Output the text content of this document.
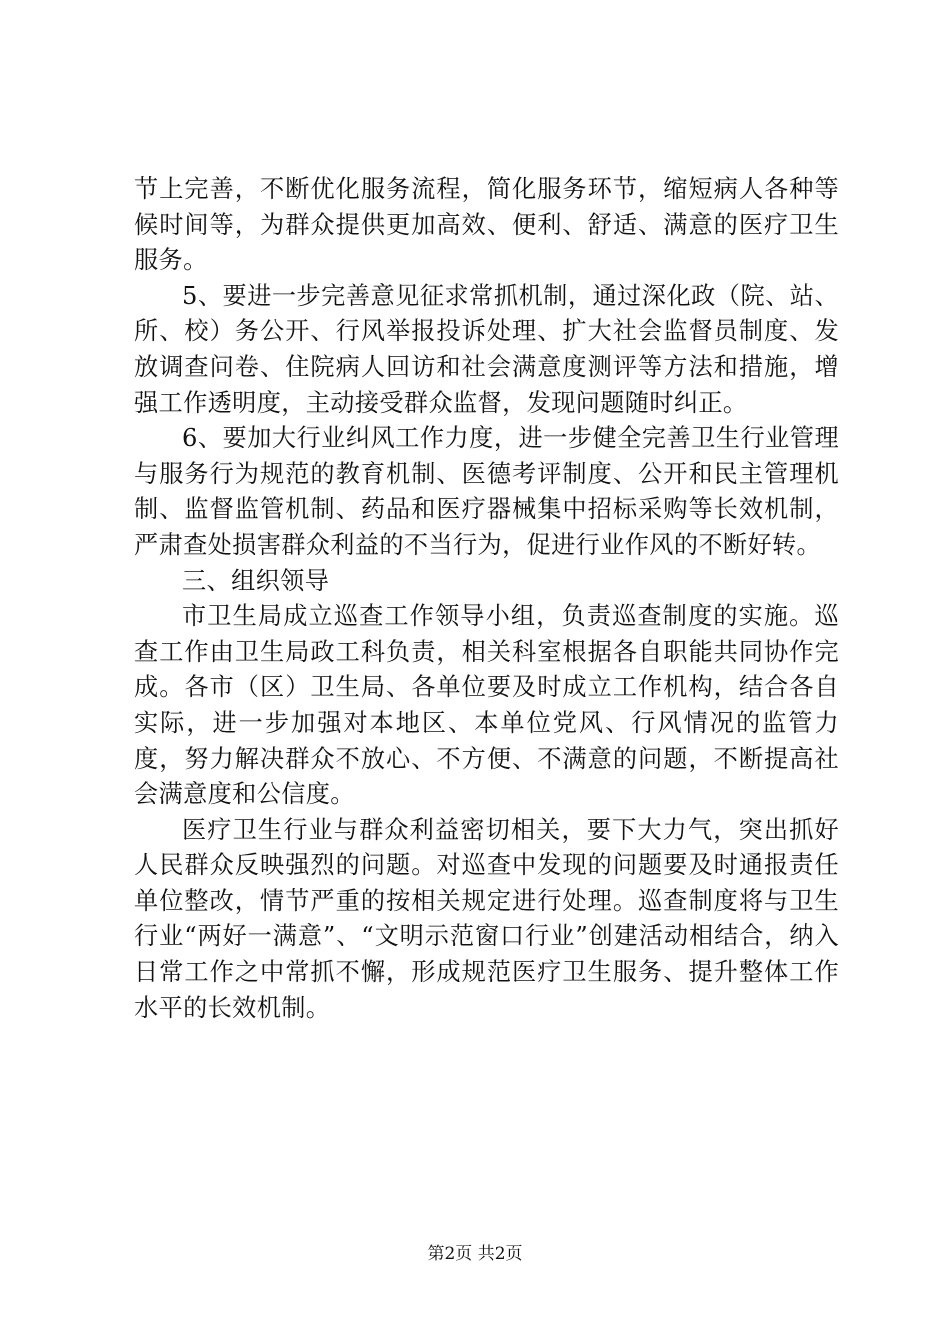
节上完善，不断优化服务流程，简化服务环节，缩短病人各种等候时间等，为群众提供更加高效、便利、舒适、满意的医疗卫生服务。

5、要进一步完善意见征求常抓机制，通过深化政（院、站、所、校）务公开、行风举报投诉处理、扩大社会监督员制度、发放调查问卷、住院病人回访和社会满意度测评等方法和措施，增强工作透明度，主动接受群众监督，发现问题随时纠正。

6、要加大行业纠风工作力度，进一步健全完善卫生行业管理与服务行为规范的教育机制、医德考评制度、公开和民主管理机制、监督监管机制、药品和医疗器械集中招标采购等长效机制，严肃查处损害群众利益的不当行为，促进行业作风的不断好转。

三、组织领导

市卫生局成立巡查工作领导小组，负责巡查制度的实施。巡查工作由卫生局政工科负责，相关科室根据各自职能共同协作完成。各市（区）卫生局、各单位要及时成立工作机构，结合各自实际，进一步加强对本地区、本单位党风、行风情况的监管力度，努力解决群众不放心、不方便、不满意的问题，不断提高社会满意度和公信度。

医疗卫生行业与群众利益密切相关，要下大力气，突出抓好人民群众反映强烈的问题。对巡查中发现的问题要及时通报责任单位整改，情节严重的按相关规定进行处理。巡查制度将与卫生行业“两好一满意”、“文明示范窗口行业”创建活动相结合，纳入日常工作之中常抓不懈，形成规范医疗卫生服务、提升整体工作水平的长效机制。

第2页 共2页
